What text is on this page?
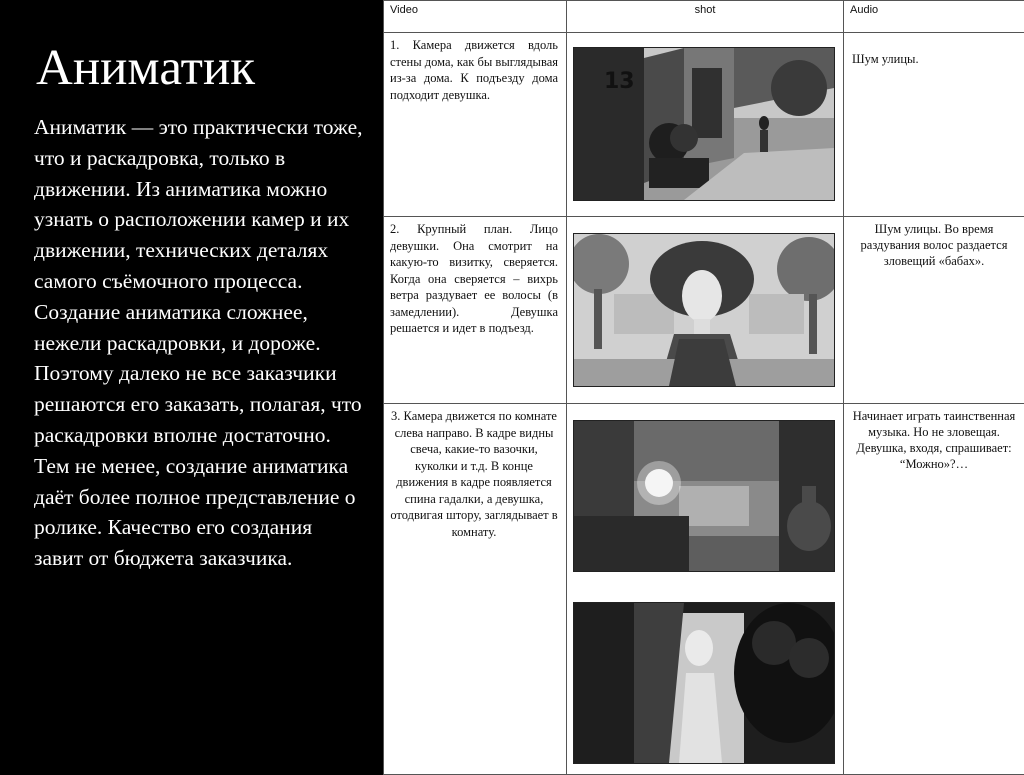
Аниматик

Аниматик — это практически тоже, что и раскадровка, только в движении. Из аниматика можно узнать о расположении камер и их движении, технических деталях самого съёмочного процесса. Создание аниматика сложнее, нежели раскадровки, и дороже. Поэтому далеко не все заказчики решаются его заказать, полагая, что раскадровки вполне достаточно. Тем не менее, создание аниматика даёт более полное представление о ролике. Качество его создания завит от бюджета заказчика.

Video	shot	Audio

1. Камера движется вдоль стены дома, как бы выглядывая из-за дома. К подъезду дома подходит девушка.	13	Шум улицы.

2. Крупный план. Лицо девушки. Она смотрит на какую-то визитку, сверяется. Когда она сверяется – вихрь ветра раздувает ее волосы (в замедлении). Девушка решается и идет в подъезд.		Шум улицы. Во время раздувания волос раздается зловещий «бабах».

3. Камера движется по комнате слева направо. В кадре видны свеча, какие-то вазочки, куколки и т.д. В конце движения в кадре появляется спина гадалки, а девушка, отодвигая штору, заглядывает в комнату.		Начинает играть таинственная музыка. Но не зловещая. Девушка, входя, спрашивает: “Можно»?…
